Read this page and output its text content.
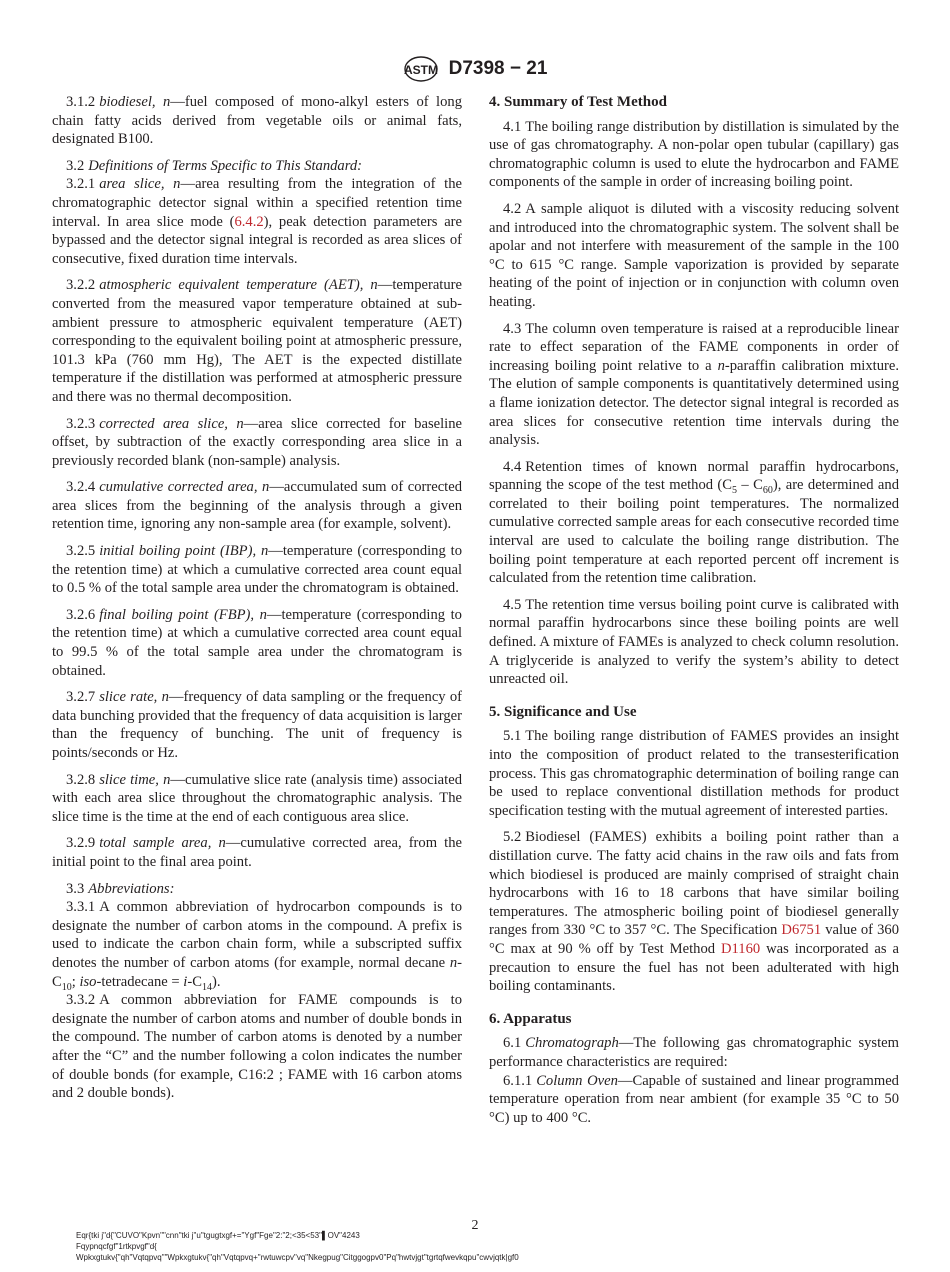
ASTM D7398 − 21

3.1.2 biodiesel, n—fuel composed of mono-alkyl esters of long chain fatty acids derived from vegetable oils or animal fats, designated B100.

3.2 Definitions of Terms Specific to This Standard:

3.2.1 area slice, n—area resulting from the integration of the chromatographic detector signal within a specified retention time interval. In area slice mode (6.4.2), peak detection parameters are bypassed and the detector signal integral is recorded as area slices of consecutive, fixed duration time intervals.

3.2.2 atmospheric equivalent temperature (AET), n—temperature converted from the measured vapor temperature obtained at sub-ambient pressure to atmospheric equivalent temperature (AET) corresponding to the equivalent boiling point at atmospheric pressure, 101.3 kPa (760 mm Hg), The AET is the expected distillate temperature if the distillation was performed at atmospheric pressure and there was no thermal decomposition.

3.2.3 corrected area slice, n—area slice corrected for baseline offset, by subtraction of the exactly corresponding area slice in a previously recorded blank (non-sample) analysis.

3.2.4 cumulative corrected area, n—accumulated sum of corrected area slices from the beginning of the analysis through a given retention time, ignoring any non-sample area (for example, solvent).

3.2.5 initial boiling point (IBP), n—temperature (corresponding to the retention time) at which a cumulative corrected area count equal to 0.5 % of the total sample area under the chromatogram is obtained.

3.2.6 final boiling point (FBP), n—temperature (corresponding to the retention time) at which a cumulative corrected area count equal to 99.5 % of the total sample area under the chromatogram is obtained.

3.2.7 slice rate, n—frequency of data sampling or the frequency of data bunching provided that the frequency of data acquisition is larger than the frequency of bunching. The unit of frequency is points/seconds or Hz.

3.2.8 slice time, n—cumulative slice rate (analysis time) associated with each area slice throughout the chromatographic analysis. The slice time is the time at the end of each contiguous area slice.

3.2.9 total sample area, n—cumulative corrected area, from the initial point to the final area point.

3.3 Abbreviations:

3.3.1 A common abbreviation of hydrocarbon compounds is to designate the number of carbon atoms in the compound. A prefix is used to indicate the carbon chain form, while a subscripted suffix denotes the number of carbon atoms (for example, normal decane $n-C_{10}$; iso-tetradecane = $i-C_{14}$).

3.3.2 A common abbreviation for FAME compounds is to designate the number of carbon atoms and number of double bonds in the compound. The number of carbon atoms is denoted by a number after the “C” and the number following a colon indicates the number of double bonds (for example, C16:2 ; FAME with 16 carbon atoms and 2 double bonds).

4. Summary of Test Method

4.1 The boiling range distribution by distillation is simulated by the use of gas chromatography. A non-polar open tubular (capillary) gas chromatographic column is used to elute the hydrocarbon and FAME components of the sample in order of increasing boiling point.

4.2 A sample aliquot is diluted with a viscosity reducing solvent and introduced into the chromatographic system. The solvent shall be apolar and not interfere with measurement of the sample in the 100 °C to 615 °C range. Sample vaporization is provided by separate heating of the point of injection or in conjunction with column oven heating.

4.3 The column oven temperature is raised at a reproducible linear rate to effect separation of the FAME components in order of increasing boiling point relative to a n-paraffin calibration mixture. The elution of sample components is quantitatively determined using a flame ionization detector. The detector signal integral is recorded as area slices for consecutive retention time intervals during the analysis.

4.4 Retention times of known normal paraffin hydrocarbons, spanning the scope of the test method $(C_5 - C_{60})$, are determined and correlated to their boiling point temperatures. The normalized cumulative corrected sample areas for each consecutive recorded time interval are used to calculate the boiling range distribution. The boiling point temperature at each reported percent off increment is calculated from the retention time calibration.

4.5 The retention time versus boiling point curve is calibrated with normal paraffin hydrocarbons since these boiling points are well defined. A mixture of FAMEs is analyzed to check column resolution. A triglyceride is analyzed to verify the system’s ability to detect unreacted oil.

5. Significance and Use

5.1 The boiling range distribution of FAMES provides an insight into the composition of product related to the transesterification process. This gas chromatographic determination of boiling range can be used to replace conventional distillation methods for product specification testing with the mutual agreement of interested parties.

5.2 Biodiesel (FAMES) exhibits a boiling point rather than a distillation curve. The fatty acid chains in the raw oils and fats from which biodiesel is produced are mainly comprised of straight chain hydrocarbons with 16 to 18 carbons that have similar boiling temperatures. The atmospheric boiling point of biodiesel generally ranges from 330 °C to 357 °C. The Specification D6751 value of 360 °C max at 90 % off by Test Method D1160 was incorporated as a precaution to ensure the fuel has not been adulterated with high boiling contaminants.

6. Apparatus

6.1 Chromatograph—The following gas chromatographic system performance characteristics are required:

6.1.1 Column Oven—Capable of sustained and linear programmed temperature operation from near ambient (for example 35 °C to 50 °C) up to 400 °C.

2
Eqr{tki j"d{"CUVO"Kpvn""cnn"tki j"u"tgugtxgf+="Ygf"Fge"2:"2;<35<53"▌OV"4243
Fqypnqcfgf"1rtkpvgf"d{
Wpkxgtukv{"qh"Vqtqpvq""Wpkxgtukv{"qh"Vqtqpvq+"rwtuwcpv"vq"Nkegpug"Citggogpv0"Pq"hwtvjgt"tgrtqfwevkqpu"cwvjqtk|gf0
